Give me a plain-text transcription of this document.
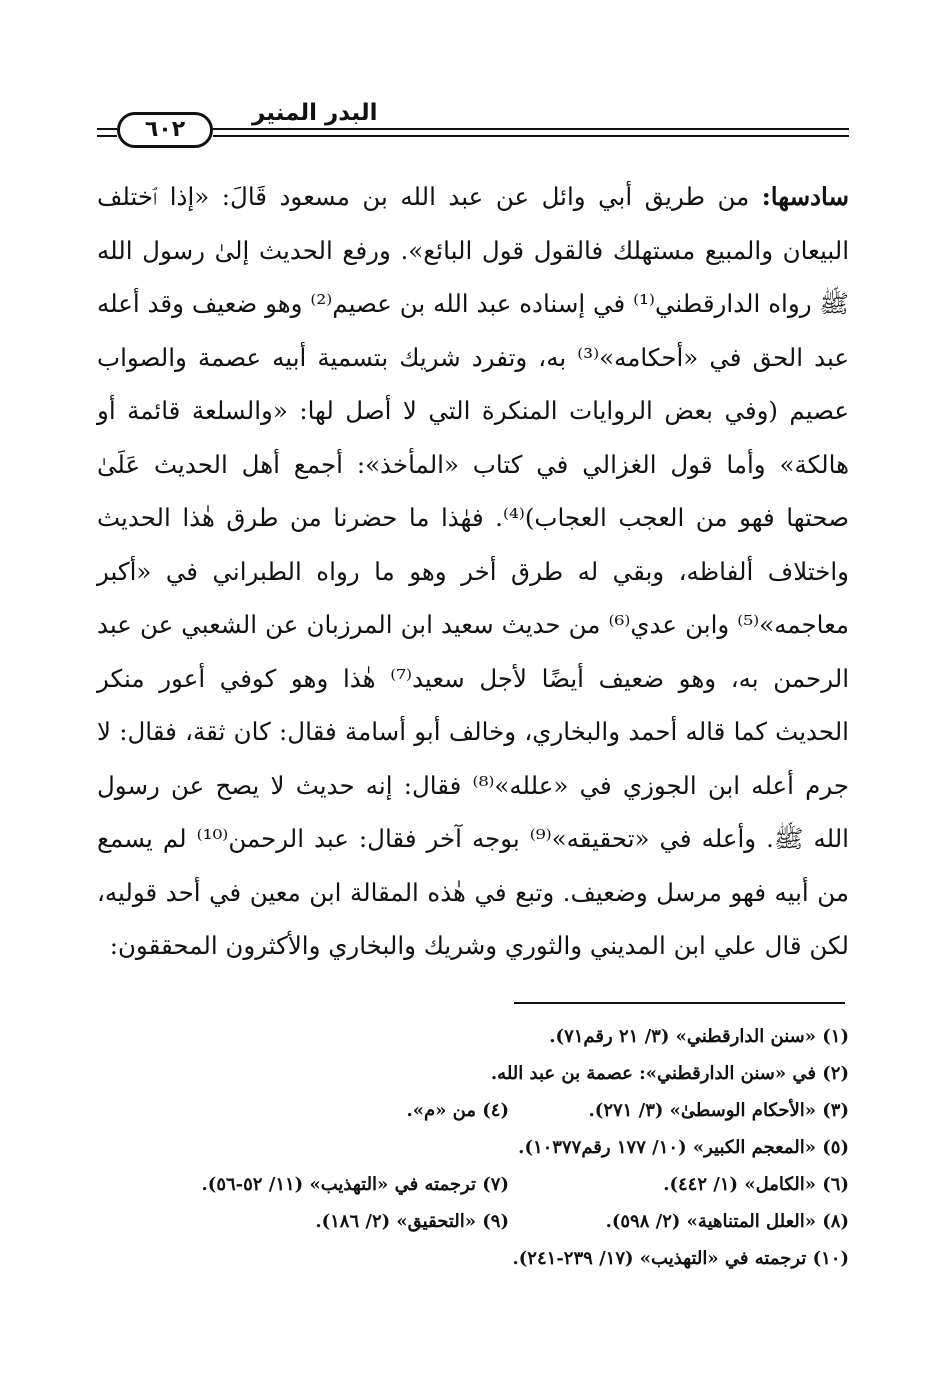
البدر المنير
٦٠٢

سادسها: من طريق أبي وائل عن عبد الله بن مسعود قَالَ: «إذا ٱختلف البيعان والمبيع مستهلك فالقول قول البائع». ورفع الحديث إلىٰ رسول الله ﷺ رواه الدارقطني⁽¹⁾ في إسناده عبد الله بن عصيم⁽²⁾ وهو ضعيف وقد أعله عبد الحق في «أحكامه»⁽³⁾ به، وتفرد شريك بتسمية أبيه عصمة والصواب عصيم (وفي بعض الروايات المنكرة التي لا أصل لها: «والسلعة قائمة أو هالكة» وأما قول الغزالي في كتاب «المأخذ»: أجمع أهل الحديث عَلَىٰ صحتها فهو من العجب العجاب)⁽⁴⁾. فهٰذا ما حضرنا من طرق هٰذا الحديث واختلاف ألفاظه، وبقي له طرق أخر وهو ما رواه الطبراني في «أكبر معاجمه»⁽⁵⁾ وابن عدي⁽⁶⁾ من حديث سعيد ابن المرزبان عن الشعبي عن عبد الرحمن به، وهو ضعيف أيضًا لأجل سعيد⁽⁷⁾ هٰذا وهو كوفي أعور منكر الحديث كما قاله أحمد والبخاري، وخالف أبو أسامة فقال: كان ثقة، فقال: لا جرم أعله ابن الجوزي في «علله»⁽⁸⁾ فقال: إنه حديث لا يصح عن رسول الله ﷺ. وأعله في «تحقيقه»⁽⁹⁾ بوجه آخر فقال: عبد الرحمن⁽¹⁰⁾ لم يسمع من أبيه فهو مرسل وضعيف. وتبع في هٰذه المقالة ابن معين في أحد قوليه، لكن قال علي ابن المديني والثوري وشريك والبخاري والأكثرون المحققون:

(١) «سنن الدارقطني» (٣/ ٢١ رقم٧١).
(٢) في «سنن الدارقطني»: عصمة بن عبد الله.
(٣) «الأحكام الوسطىٰ» (٣/ ٢٧١).
(٤) من «م».
(٥) «المعجم الكبير» (١٠/ ١٧٧ رقم١٠٣٧٧).
(٦) «الكامل» (١/ ٤٤٢).
(٧) ترجمته في «التهذيب» (١١/ ٥٢-٥٦).
(٨) «العلل المتناهية» (٢/ ٥٩٨).
(٩) «التحقيق» (٢/ ١٨٦).
(١٠) ترجمته في «التهذيب» (١٧/ ٢٣٩-٢٤١).
